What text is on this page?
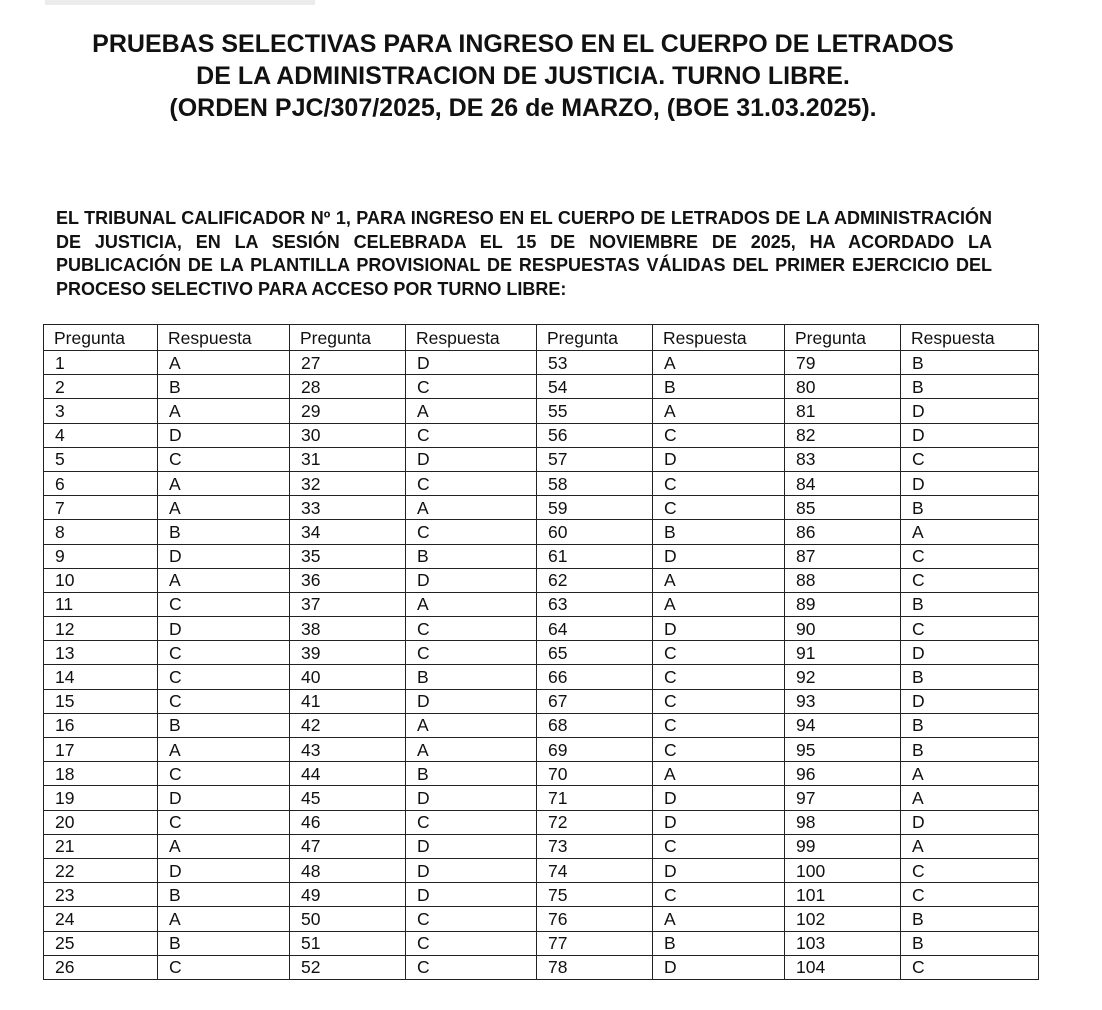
PRUEBAS SELECTIVAS PARA INGRESO EN EL CUERPO DE LETRADOS
DE LA ADMINISTRACION DE JUSTICIA. TURNO LIBRE.
(ORDEN PJC/307/2025, DE 26 de MARZO, (BOE 31.03.2025).
EL TRIBUNAL CALIFICADOR Nº 1, PARA INGRESO EN EL CUERPO DE LETRADOS DE LA ADMINISTRACIÓN DE JUSTICIA, EN LA SESIÓN CELEBRADA EL 15 DE NOVIEMBRE DE 2025, HA ACORDADO LA PUBLICACIÓN DE LA PLANTILLA PROVISIONAL DE RESPUESTAS VÁLIDAS DEL PRIMER EJERCICIO DEL PROCESO SELECTIVO PARA ACCESO POR TURNO LIBRE:
Pregunta	Respuesta	Pregunta	Respuesta	Pregunta	Respuesta	Pregunta	Respuesta
1	A	27	D	53	A	79	B
2	B	28	C	54	B	80	B
3	A	29	A	55	A	81	D
4	D	30	C	56	C	82	D
5	C	31	D	57	D	83	C
6	A	32	C	58	C	84	D
7	A	33	A	59	C	85	B
8	B	34	C	60	B	86	A
9	D	35	B	61	D	87	C
10	A	36	D	62	A	88	C
11	C	37	A	63	A	89	B
12	D	38	C	64	D	90	C
13	C	39	C	65	C	91	D
14	C	40	B	66	C	92	B
15	C	41	D	67	C	93	D
16	B	42	A	68	C	94	B
17	A	43	A	69	C	95	B
18	C	44	B	70	A	96	A
19	D	45	D	71	D	97	A
20	C	46	C	72	D	98	D
21	A	47	D	73	C	99	A
22	D	48	D	74	D	100	C
23	B	49	D	75	C	101	C
24	A	50	C	76	A	102	B
25	B	51	C	77	B	103	B
26	C	52	C	78	D	104	C
